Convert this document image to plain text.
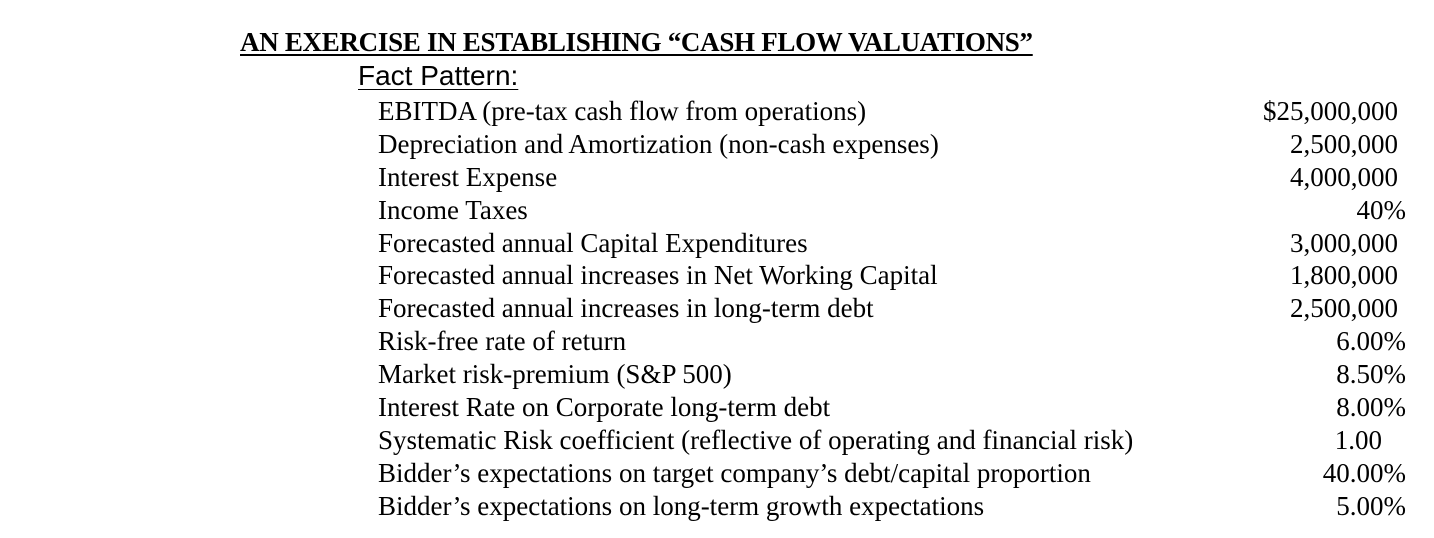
AN EXERCISE IN ESTABLISHING “CASH FLOW VALUATIONS”
Fact Pattern:
EBITDA (pre-tax cash flow from operations)	$25,000,000
Depreciation and Amortization (non-cash expenses)	2,500,000
Interest Expense	4,000,000
Income Taxes	40%
Forecasted annual Capital Expenditures	3,000,000
Forecasted annual increases in Net Working Capital	1,800,000
Forecasted annual increases in long-term debt	2,500,000
Risk-free rate of return	6.00%
Market risk-premium (S&P 500)	8.50%
Interest Rate on Corporate long-term debt	8.00%
Systematic Risk coefficient (reflective of operating and financial risk)	1.00
Bidder’s expectations on target company’s debt/capital proportion	40.00%
Bidder’s expectations on long-term growth expectations	5.00%
